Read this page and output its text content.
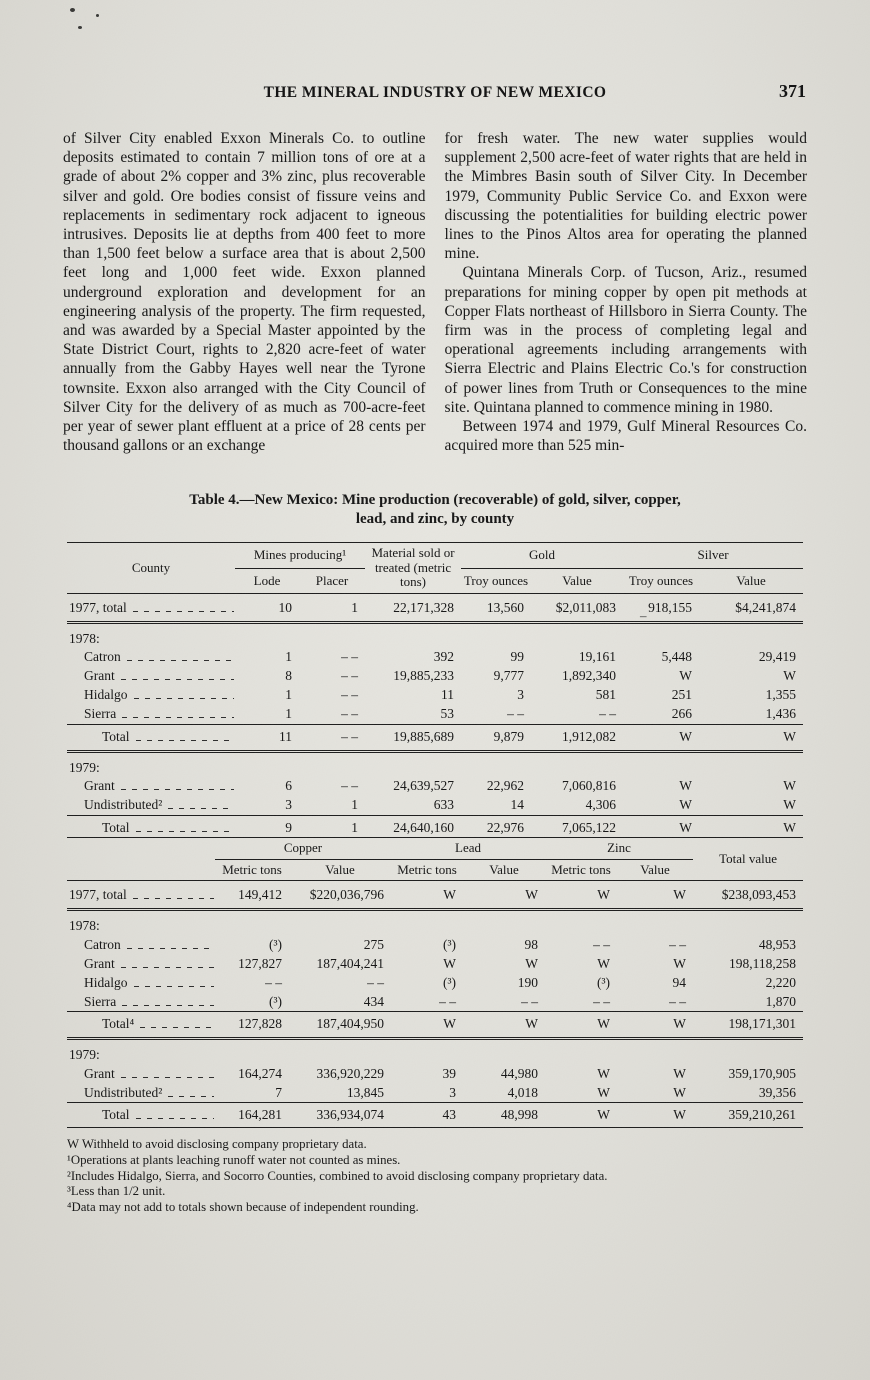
–
THE MINERAL INDUSTRY OF NEW MEXICO	371

of Silver City enabled Exxon Minerals Co. to outline deposits estimated to contain 7 million tons of ore at a grade of about 2% copper and 3% zinc, plus recoverable silver and gold. Ore bodies consist of fissure veins and replacements in sedimentary rock adjacent to igneous intrusives. Deposits lie at depths from 400 feet to more than 1,500 feet below a surface area that is about 2,500 feet long and 1,000 feet wide. Exxon planned underground exploration and development for an engineering analysis of the property. The firm requested, and was awarded by a Special Master appointed by the State District Court, rights to 2,820 acre-feet of water annually from the Gabby Hayes well near the Tyrone townsite. Exxon also arranged with the City Council of Silver City for the delivery of as much as 700-acre-feet per year of sewer plant effluent at a price of 28 cents per thousand gallons or an exchange

for fresh water. The new water supplies would supplement 2,500 acre-feet of water rights that are held in the Mimbres Basin south of Silver City. In December 1979, Community Public Service Co. and Exxon were discussing the potentialities for building electric power lines to the Pinos Altos area for operating the planned mine.

Quintana Minerals Corp. of Tucson, Ariz., resumed preparations for mining copper by open pit methods at Copper Flats northeast of Hillsboro in Sierra County. The firm was in the process of completing legal and operational agreements including arrangements with Sierra Electric and Plains Electric Co.'s for construction of power lines from Truth or Consequences to the mine site. Quintana planned to commence mining in 1980.

Between 1974 and 1979, Gulf Mineral Resources Co. acquired more than 525 min-

Table 4.—New Mexico: Mine production (recoverable) of gold, silver, copper,
lead, and zinc, by county
County	Mines producing¹		Material sold or treated (metric tons)	Gold		Silver	
	Lode	Placer		Troy ounces	Value	Troy ounces	Value

1977, total	10	1	22,171,328	13,560	$2,011,083	918,155	$4,241,874

1978:							

Catron	1	– –	392	99	19,161	5,448	29,419

Grant	8	– –	19,885,233	9,777	1,892,340	W	W

Hidalgo	1	– –	11	3	581	251	1,355

Sierra	1	– –	53	– –	– –	266	1,436

Total	11	– –	19,885,689	9,879	1,912,082	W	W

1979:							

Grant	6	– –	24,639,527	22,962	7,060,816	W	W

Undistributed²	3	1	633	14	4,306	W	W

Total	9	1	24,640,160	22,976	7,065,122	W	W
	Copper		Lead		Zinc		Total value
	Metric tons	Value	Metric tons	Value	Metric tons	Value	

1977, total	149,412	$220,036,796	W	W	W	W	$238,093,453

1978:							

Catron	(³)	275	(³)	98	– –	– –	48,953

Grant	127,827	187,404,241	W	W	W	W	198,118,258

Hidalgo	– –	– –	(³)	190	(³)	94	2,220

Sierra	(³)	434	– –	– –	– –	– –	1,870

Total⁴	127,828	187,404,950	W	W	W	W	198,171,301

1979:							

Grant	164,274	336,920,229	39	44,980	W	W	359,170,905

Undistributed²	7	13,845	3	4,018	W	W	39,356

Total	164,281	336,934,074	43	48,998	W	W	359,210,261

W Withheld to avoid disclosing company proprietary data.

¹Operations at plants leaching runoff water not counted as mines.

²Includes Hidalgo, Sierra, and Socorro Counties, combined to avoid disclosing company proprietary data.

³Less than 1/2 unit.

⁴Data may not add to totals shown because of independent rounding.
